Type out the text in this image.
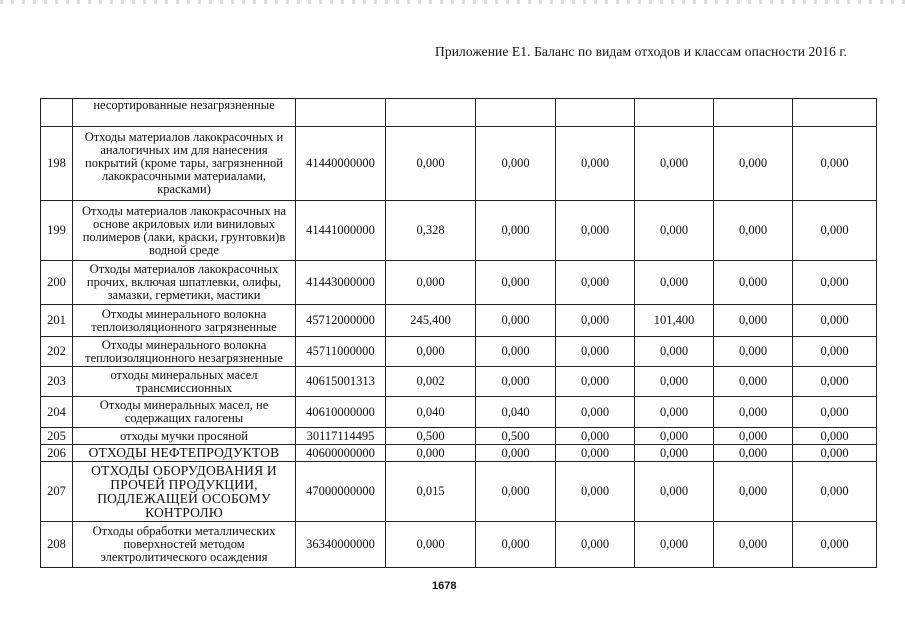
Приложение Е1. Баланс по видам отходов и классам опасности 2016 г.
	несортированные незагрязненные							
198	Отходы материалов лакокрасочных и аналогичных им для нанесения покрытий (кроме тары, загрязненной лакокрасочными материалами, красками)	41440000000	0,000	0,000	0,000	0,000	0,000	0,000
199	Отходы материалов лакокрасочных на основе акриловых или виниловых полимеров (лаки, краски, грунтовки)в водной среде	41441000000	0,328	0,000	0,000	0,000	0,000	0,000
200	Отходы материалов лакокрасочных прочих, включая шпатлевки, олифы, замазки, герметики, мастики	41443000000	0,000	0,000	0,000	0,000	0,000	0,000
201	Отходы минерального волокна теплоизоляционного загрязненные	45712000000	245,400	0,000	0,000	101,400	0,000	0,000
202	Отходы минерального волокна теплоизоляционного незагрязненные	45711000000	0,000	0,000	0,000	0,000	0,000	0,000
203	отходы минеральных масел трансмиссионных	40615001313	0,002	0,000	0,000	0,000	0,000	0,000
204	Отходы минеральных масел, не содержащих галогены	40610000000	0,040	0,040	0,000	0,000	0,000	0,000
205	отходы мучки просяной	30117114495	0,500	0,500	0,000	0,000	0,000	0,000
206	ОТХОДЫ НЕФТЕПРОДУКТОВ	40600000000	0,000	0,000	0,000	0,000	0,000	0,000
207	ОТХОДЫ ОБОРУДОВАНИЯ И ПРОЧЕЙ ПРОДУКЦИИ, ПОДЛЕЖАЩЕЙ ОСОБОМУ КОНТРОЛЮ	47000000000	0,015	0,000	0,000	0,000	0,000	0,000
208	Отходы обработки металлических поверхностей методом электролитического осаждения	36340000000	0,000	0,000	0,000	0,000	0,000	0,000
1678
